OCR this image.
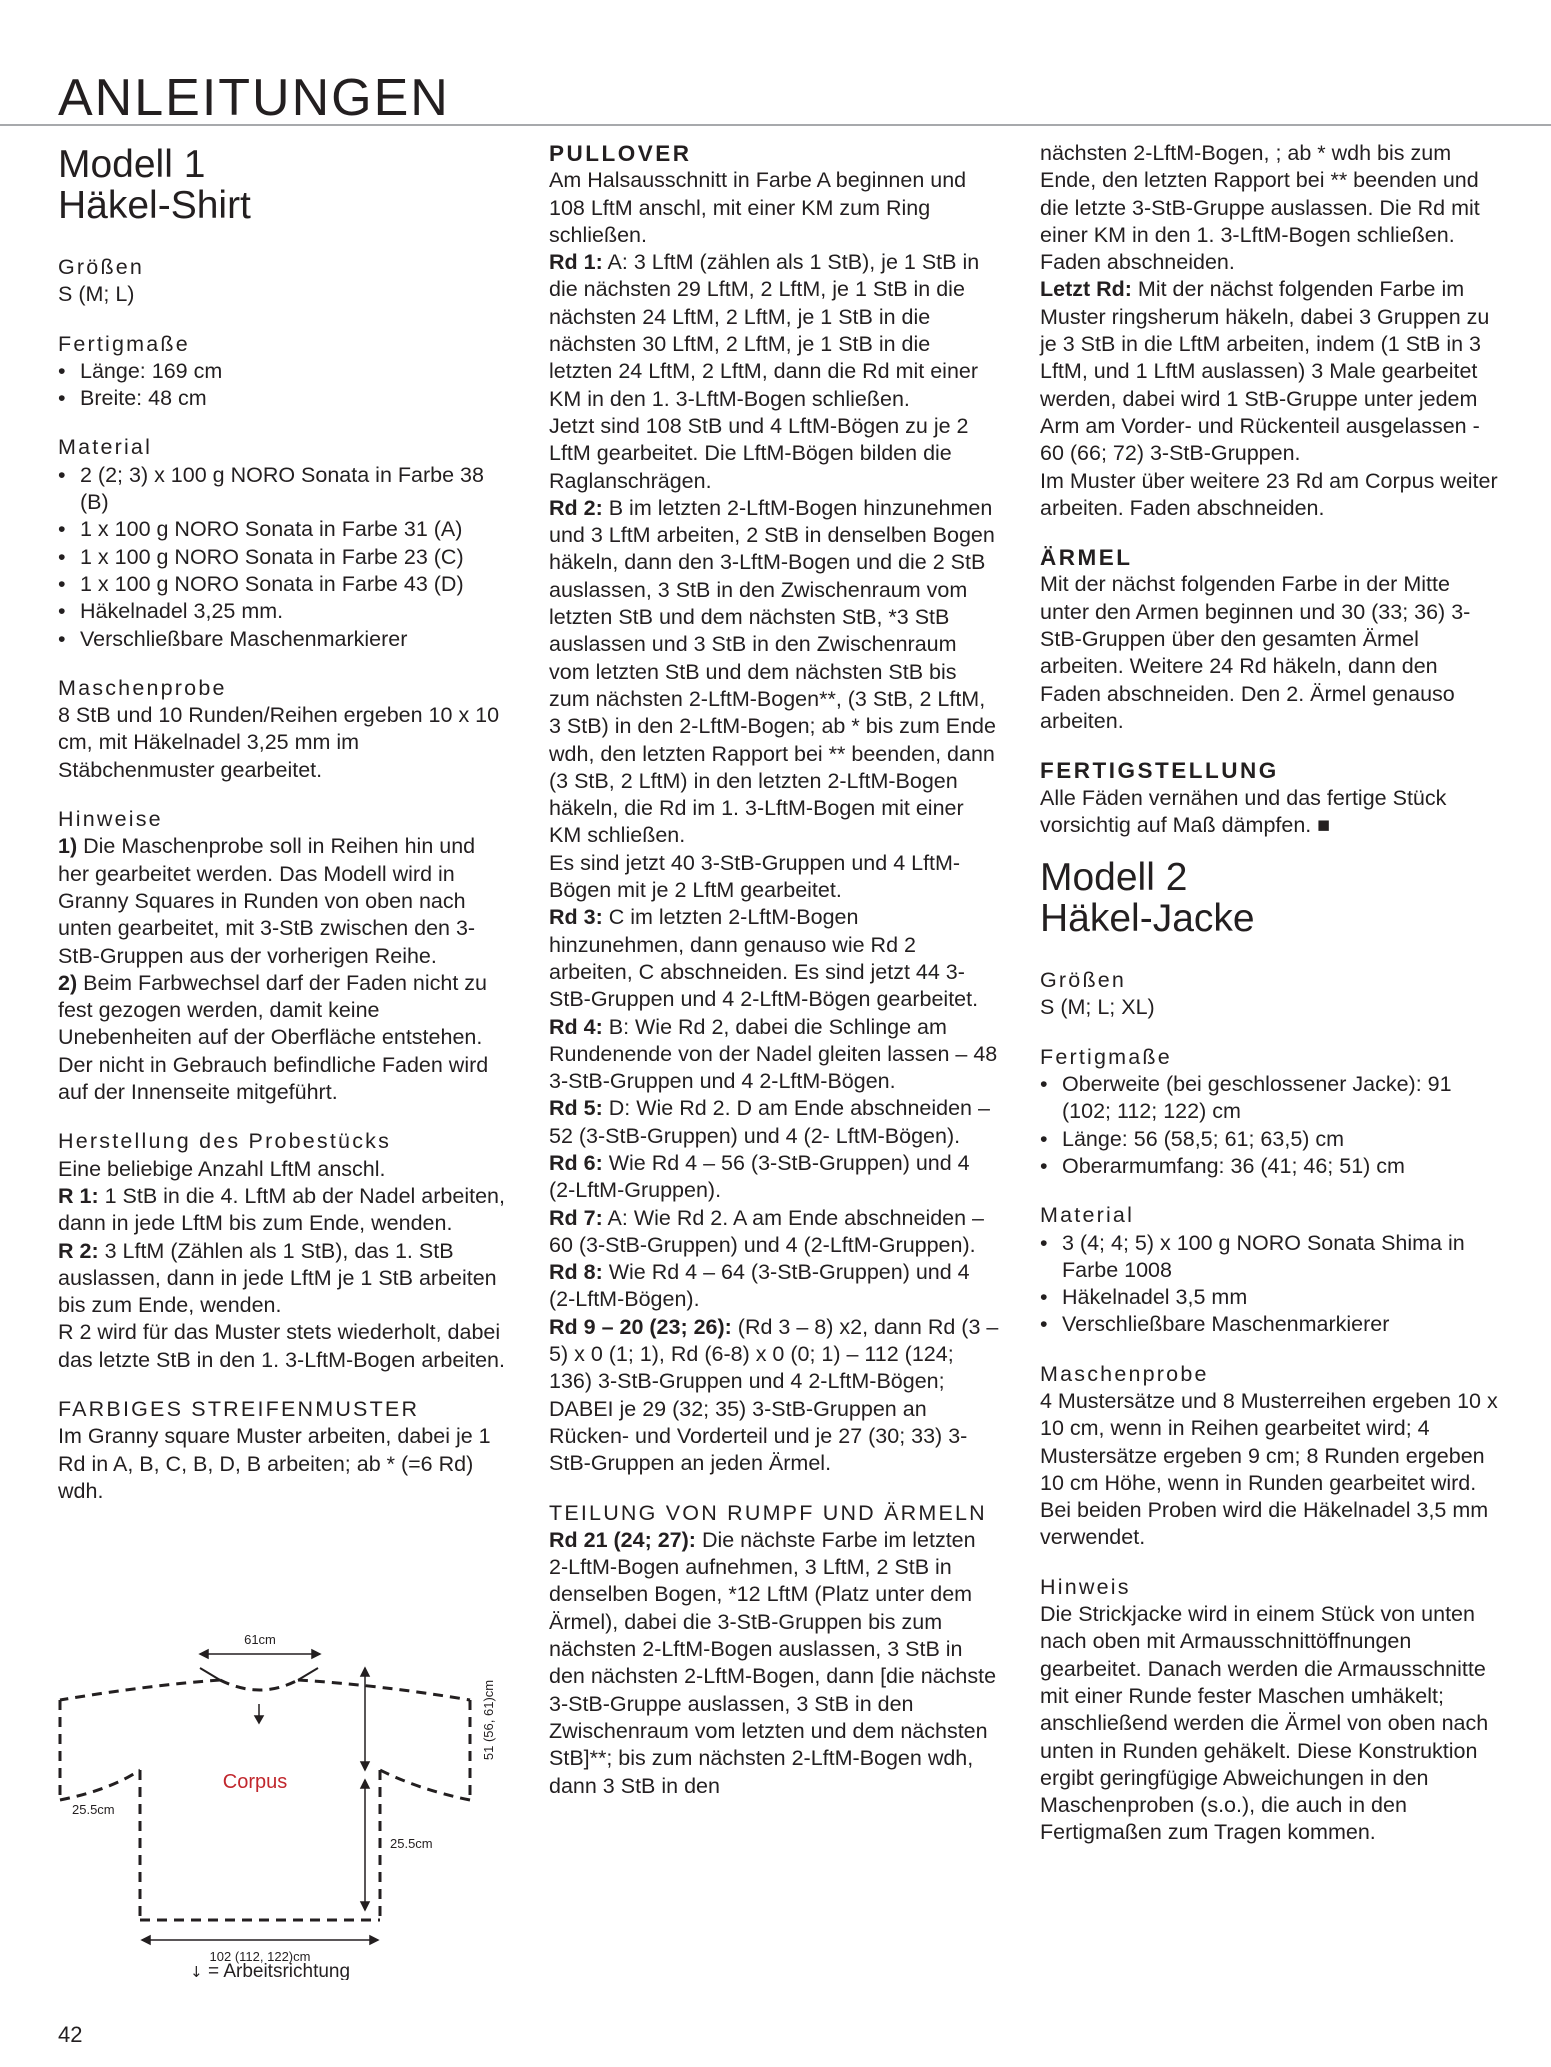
ANLEITUNGEN
Modell 1
Häkel-Shirt
Größen

S (M; L)

Fertigmaße
• Länge: 169 cm
• Breite: 48 cm
Material
• 2 (2; 3) x 100 g NORO Sonata in Farbe 38 (B)
• 1 x 100 g NORO Sonata in Farbe 31 (A)
• 1 x 100 g NORO Sonata in Farbe 23 (C)
• 1 x 100 g NORO Sonata in Farbe 43 (D)
• Häkelnadel 3,25 mm.
• Verschließbare Maschenmarkierer
Maschenprobe

8 StB und 10 Runden/Reihen ergeben 10 x 10 cm, mit Häkelnadel 3,25 mm im Stäbchenmuster gearbeitet.

Hinweise

1) Die Maschenprobe soll in Reihen hin und her gearbeitet werden. Das Modell wird in Granny Squares in Runden von oben nach unten gearbeitet, mit 3-StB zwischen den 3-StB-Gruppen aus der vorherigen Reihe.

2) Beim Farbwechsel darf der Faden nicht zu fest gezogen werden, damit keine Unebenheiten auf der Oberfläche entstehen. Der nicht in Gebrauch befindliche Faden wird auf der Innenseite mitgeführt.

Herstellung des Probestücks

Eine beliebige Anzahl LftM anschl.

R 1: 1 StB in die 4. LftM ab der Nadel arbeiten, dann in jede LftM bis zum Ende, wenden.

R 2: 3 LftM (Zählen als 1 StB), das 1. StB auslassen, dann in jede LftM je 1 StB arbeiten bis zum Ende, wenden.

R 2 wird für das Muster stets wiederholt, dabei das letzte StB in den 1. 3-LftM-Bogen arbeiten.

FARBIGES STREIFENMUSTER

Im Granny square Muster arbeiten, dabei je 1 Rd in A, B, C, B, D, B arbeiten; ab * (=6 Rd) wdh.

61cm
51 (56, 61)cm
Corpus
25.5cm
25.5cm
102 (112, 122)cm
↓ = Arbeitsrichtung
PULLOVER

Am Halsausschnitt in Farbe A beginnen und 108 LftM anschl, mit einer KM zum Ring schließen.

Rd 1: A: 3 LftM (zählen als 1 StB), je 1 StB in die nächsten 29 LftM, 2 LftM, je 1 StB in die nächsten 24 LftM, 2 LftM, je 1 StB in die nächsten 30 LftM, 2 LftM, je 1 StB in die letzten 24 LftM, 2 LftM, dann die Rd mit einer KM in den 1. 3-LftM-Bogen schließen.

Jetzt sind 108 StB und 4 LftM-Bögen zu je 2 LftM gearbeitet. Die LftM-Bögen bilden die Raglanschrägen.

Rd 2: B im letzten 2-LftM-Bogen hinzunehmen und 3 LftM arbeiten, 2 StB in denselben Bogen häkeln, dann den 3-LftM-Bogen und die 2 StB auslassen, 3 StB in den Zwischenraum vom letzten StB und dem nächsten StB, *3 StB auslassen und 3 StB in den Zwischenraum vom letzten StB und dem nächsten StB bis zum nächsten 2-LftM-Bogen**, (3 StB, 2 LftM, 3 StB) in den 2-LftM-Bogen; ab * bis zum Ende wdh, den letzten Rapport bei ** beenden, dann (3 StB, 2 LftM) in den letzten 2-LftM-Bogen häkeln, die Rd im 1. 3-LftM-Bogen mit einer KM schließen.

Es sind jetzt 40 3-StB-Gruppen und 4 LftM-Bögen mit je 2 LftM gearbeitet.

Rd 3: C im letzten 2-LftM-Bogen hinzunehmen, dann genauso wie Rd 2 arbeiten, C abschneiden. Es sind jetzt 44 3-StB-Gruppen und 4 2-LftM-Bögen gearbeitet.

Rd 4: B: Wie Rd 2, dabei die Schlinge am Rundenende von der Nadel gleiten lassen – 48 3-StB-Gruppen und 4 2-LftM-Bögen.

Rd 5: D: Wie Rd 2. D am Ende abschneiden – 52 (3-StB-Gruppen) und 4 (2- LftM-Bögen).

Rd 6: Wie Rd 4 – 56 (3-StB-Gruppen) und 4 (2-LftM-Gruppen).

Rd 7: A: Wie Rd 2. A am Ende abschneiden – 60 (3-StB-Gruppen) und 4 (2-LftM-Gruppen).

Rd 8: Wie Rd 4 – 64 (3-StB-Gruppen) und 4 (2-LftM-Bögen).

Rd 9 – 20 (23; 26): (Rd 3 – 8) x2, dann Rd (3 – 5) x 0 (1; 1), Rd (6-8) x 0 (0; 1) – 112 (124; 136) 3-StB-Gruppen und 4 2-LftM-Bögen; DABEI je 29 (32; 35) 3-StB-Gruppen an Rücken- und Vorderteil und je 27 (30; 33) 3-StB-Gruppen an jeden Ärmel.

TEILUNG VON RUMPF UND ÄRMELN

Rd 21 (24; 27): Die nächste Farbe im letzten 2-LftM-Bogen aufnehmen, 3 LftM, 2 StB in denselben Bogen, *12 LftM (Platz unter dem Ärmel), dabei die 3-StB-Gruppen bis zum nächsten 2-LftM-Bogen auslassen, 3 StB in den nächsten 2-LftM-Bogen, dann [die nächste 3-StB-Gruppe auslassen, 3 StB in den Zwischenraum vom letzten und dem nächsten StB]**; bis zum nächsten 2-LftM-Bogen wdh, dann 3 StB in den

nächsten 2-LftM-Bogen, ; ab * wdh bis zum Ende, den letzten Rapport bei ** beenden und die letzte 3-StB-Gruppe auslassen. Die Rd mit einer KM in den 1. 3-LftM-Bogen schließen. Faden abschneiden.

Letzt Rd: Mit der nächst folgenden Farbe im Muster ringsherum häkeln, dabei 3 Gruppen zu je 3 StB in die LftM arbeiten, indem (1 StB in 3 LftM, und 1 LftM auslassen) 3 Male gearbeitet werden, dabei wird 1 StB-Gruppe unter jedem Arm am Vorder- und Rückenteil ausgelassen - 60 (66; 72) 3-StB-Gruppen.

Im Muster über weitere 23 Rd am Corpus weiter arbeiten. Faden abschneiden.

ÄRMEL

Mit der nächst folgenden Farbe in der Mitte unter den Armen beginnen und 30 (33; 36) 3-StB-Gruppen über den gesamten Ärmel arbeiten. Weitere 24 Rd häkeln, dann den Faden abschneiden. Den 2. Ärmel genauso arbeiten.

FERTIGSTELLUNG

Alle Fäden vernähen und das fertige Stück vorsichtig auf Maß dämpfen. ■

Modell 2
Häkel-Jacke
Größen

S (M; L; XL)

Fertigmaße
• Oberweite (bei geschlossener Jacke): 91 (102; 112; 122) cm
• Länge: 56 (58,5; 61; 63,5) cm
• Oberarmumfang: 36 (41; 46; 51) cm
Material
• 3 (4; 4; 5) x 100 g NORO Sonata Shima in Farbe 1008
• Häkelnadel 3,5 mm
• Verschließbare Maschenmarkierer
Maschenprobe

4 Mustersätze und 8 Musterreihen ergeben 10 x 10 cm, wenn in Reihen gearbeitet wird; 4 Mustersätze ergeben 9 cm; 8 Runden ergeben 10 cm Höhe, wenn in Runden gearbeitet wird. Bei beiden Proben wird die Häkelnadel 3,5 mm verwendet.

Hinweis

Die Strickjacke wird in einem Stück von unten nach oben mit Armausschnittöffnungen gearbeitet. Danach werden die Armausschnitte mit einer Runde fester Maschen umhäkelt; anschließend werden die Ärmel von oben nach unten in Runden gehäkelt. Diese Konstruktion ergibt geringfügige Abweichungen in den Maschenproben (s.o.), die auch in den Fertigmaßen zum Tragen kommen.

42
